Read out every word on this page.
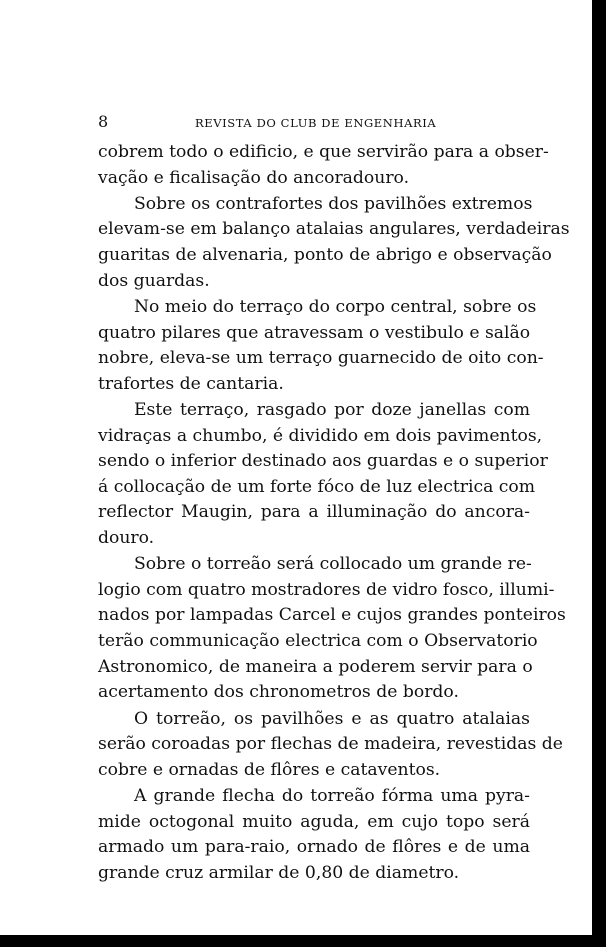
8	REVISTA DO CLUB DE ENGENHARIA
cobrem todo o edificio, e que servirão para a obser-
vação e ficalisação do ancoradouro.
Sobre os contrafortes dos pavilhões extremos
elevam-se em balanço atalaias angulares, verdadeiras
guaritas de alvenaria, ponto de abrigo e observação
dos guardas.
No meio do terraço do corpo central, sobre os
quatro pilares que atravessam o vestibulo e salão
nobre, eleva-se um terraço guarnecido de oito con-
trafortes de cantaria.
Este terraço, rasgado por doze janellas com
vidraças a chumbo, é dividido em dois pavimentos,
sendo o inferior destinado aos guardas e o superior
á collocação de um forte fóco de luz electrica com
reflector Maugin, para a illuminação do ancora-
douro.
Sobre o torreão será collocado um grande re-
logio com quatro mostradores de vidro fosco, illumi-
nados por lampadas Carcel e cujos grandes ponteiros
terão communicação electrica com o Observatorio
Astronomico, de maneira a poderem servir para o
acertamento dos chronometros de bordo.
O torreão, os pavilhões e as quatro atalaias
serão coroadas por flechas de madeira, revestidas de
cobre e ornadas de flôres e cataventos.
A grande flecha do torreão fórma uma pyra-
mide octogonal muito aguda, em cujo topo será
armado um para-raio, ornado de flôres e de uma
grande cruz armilar de 0,80 de diametro.
